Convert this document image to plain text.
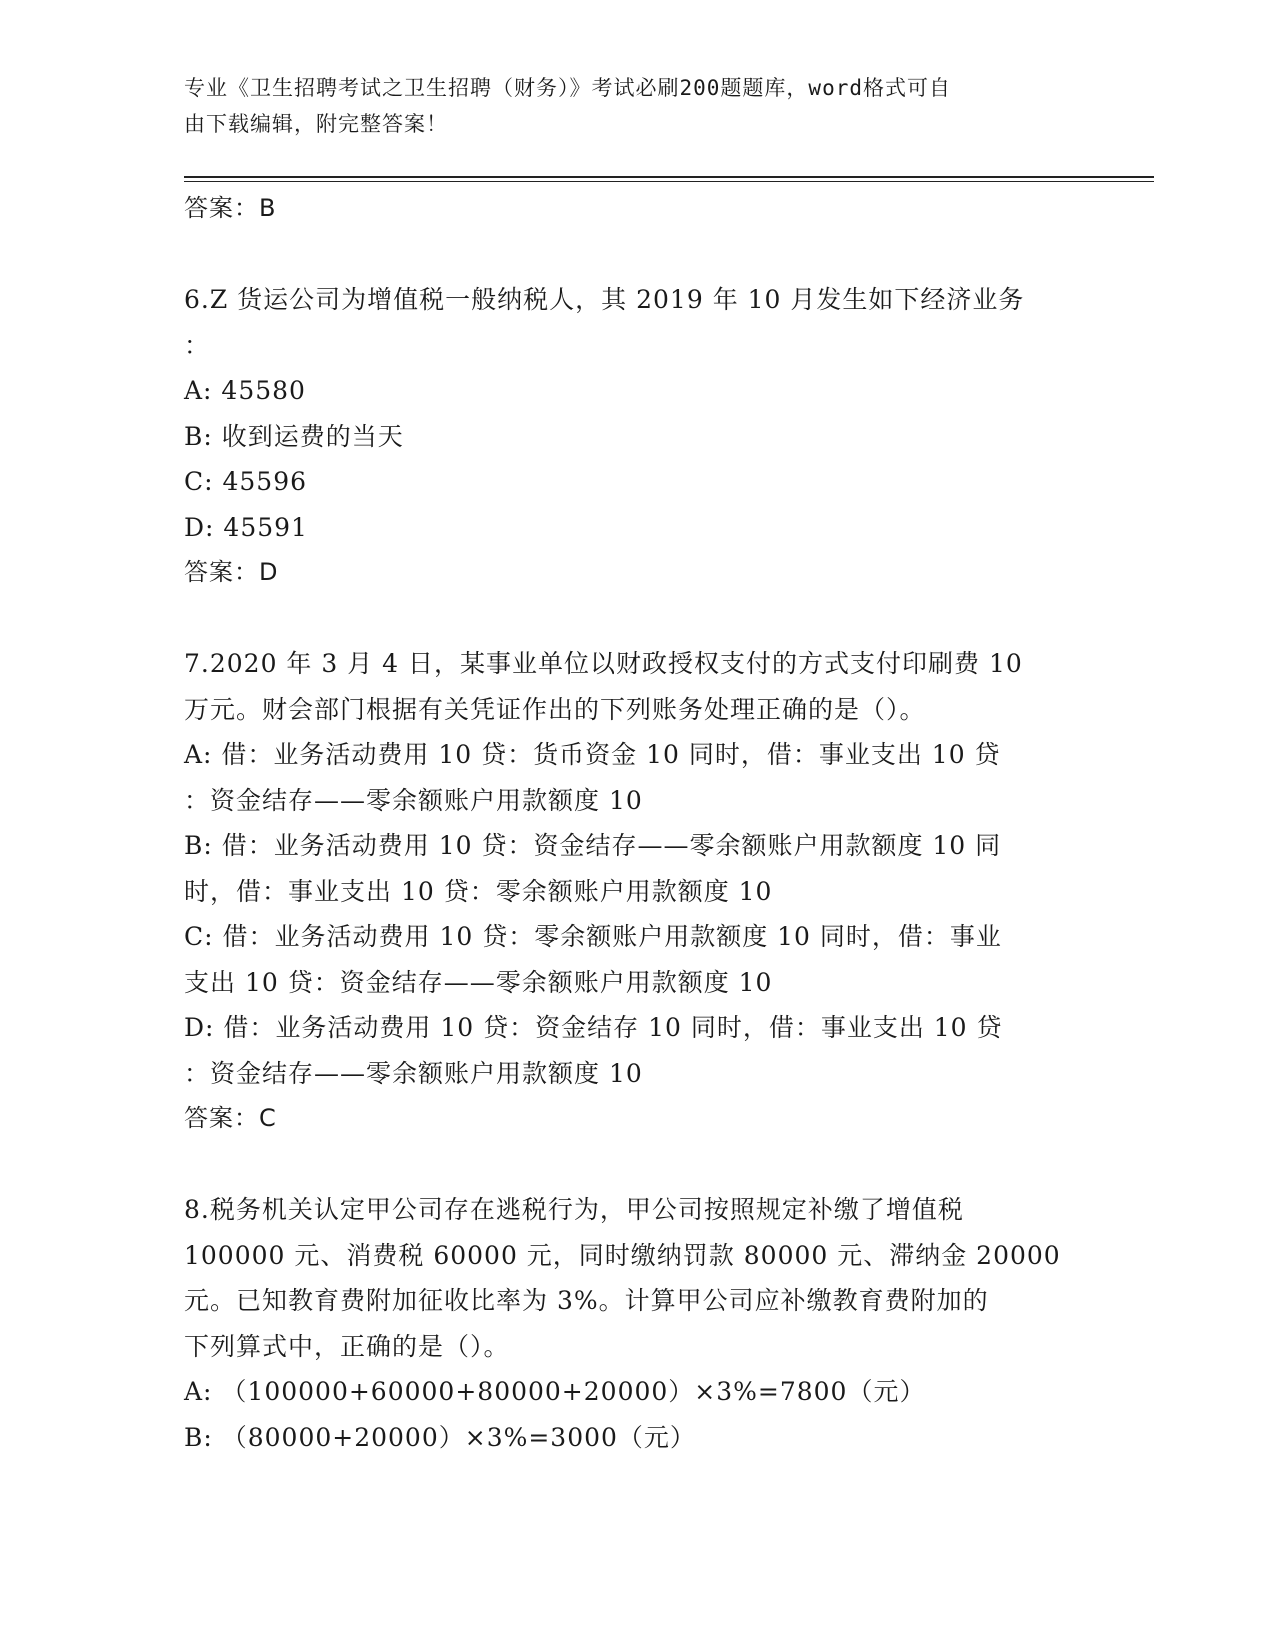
专业《卫生招聘考试之卫生招聘（财务）》考试必刷200题题库，word格式可自
由下载编辑，附完整答案！
答案：B
6.Z 货运公司为增值税一般纳税人，其 2019 年 10 月发生如下经济业务
：
A: 45580
B: 收到运费的当天
C: 45596
D: 45591
答案：D
7.2020 年 3 月 4 日，某事业单位以财政授权支付的方式支付印刷费 10
万元。财会部门根据有关凭证作出的下列账务处理正确的是（）。
A: 借：业务活动费用 10 贷：货币资金 10 同时，借：事业支出 10 贷
：资金结存——零余额账户用款额度 10
B: 借：业务活动费用 10 贷：资金结存——零余额账户用款额度 10 同
时，借：事业支出 10 贷：零余额账户用款额度 10
C: 借：业务活动费用 10 贷：零余额账户用款额度 10 同时，借：事业
支出 10 贷：资金结存——零余额账户用款额度 10
D: 借：业务活动费用 10 贷：资金结存 10 同时，借：事业支出 10 贷
：资金结存——零余额账户用款额度 10
答案：C
8.税务机关认定甲公司存在逃税行为，甲公司按照规定补缴了增值税
100000 元、消费税 60000 元，同时缴纳罚款 80000 元、滞纳金 20000
元。已知教育费附加征收比率为 3%。计算甲公司应补缴教育费附加的
下列算式中，正确的是（）。
A: （100000+60000+80000+20000）×3%=7800（元）
B: （80000+20000）×3%=3000（元）
